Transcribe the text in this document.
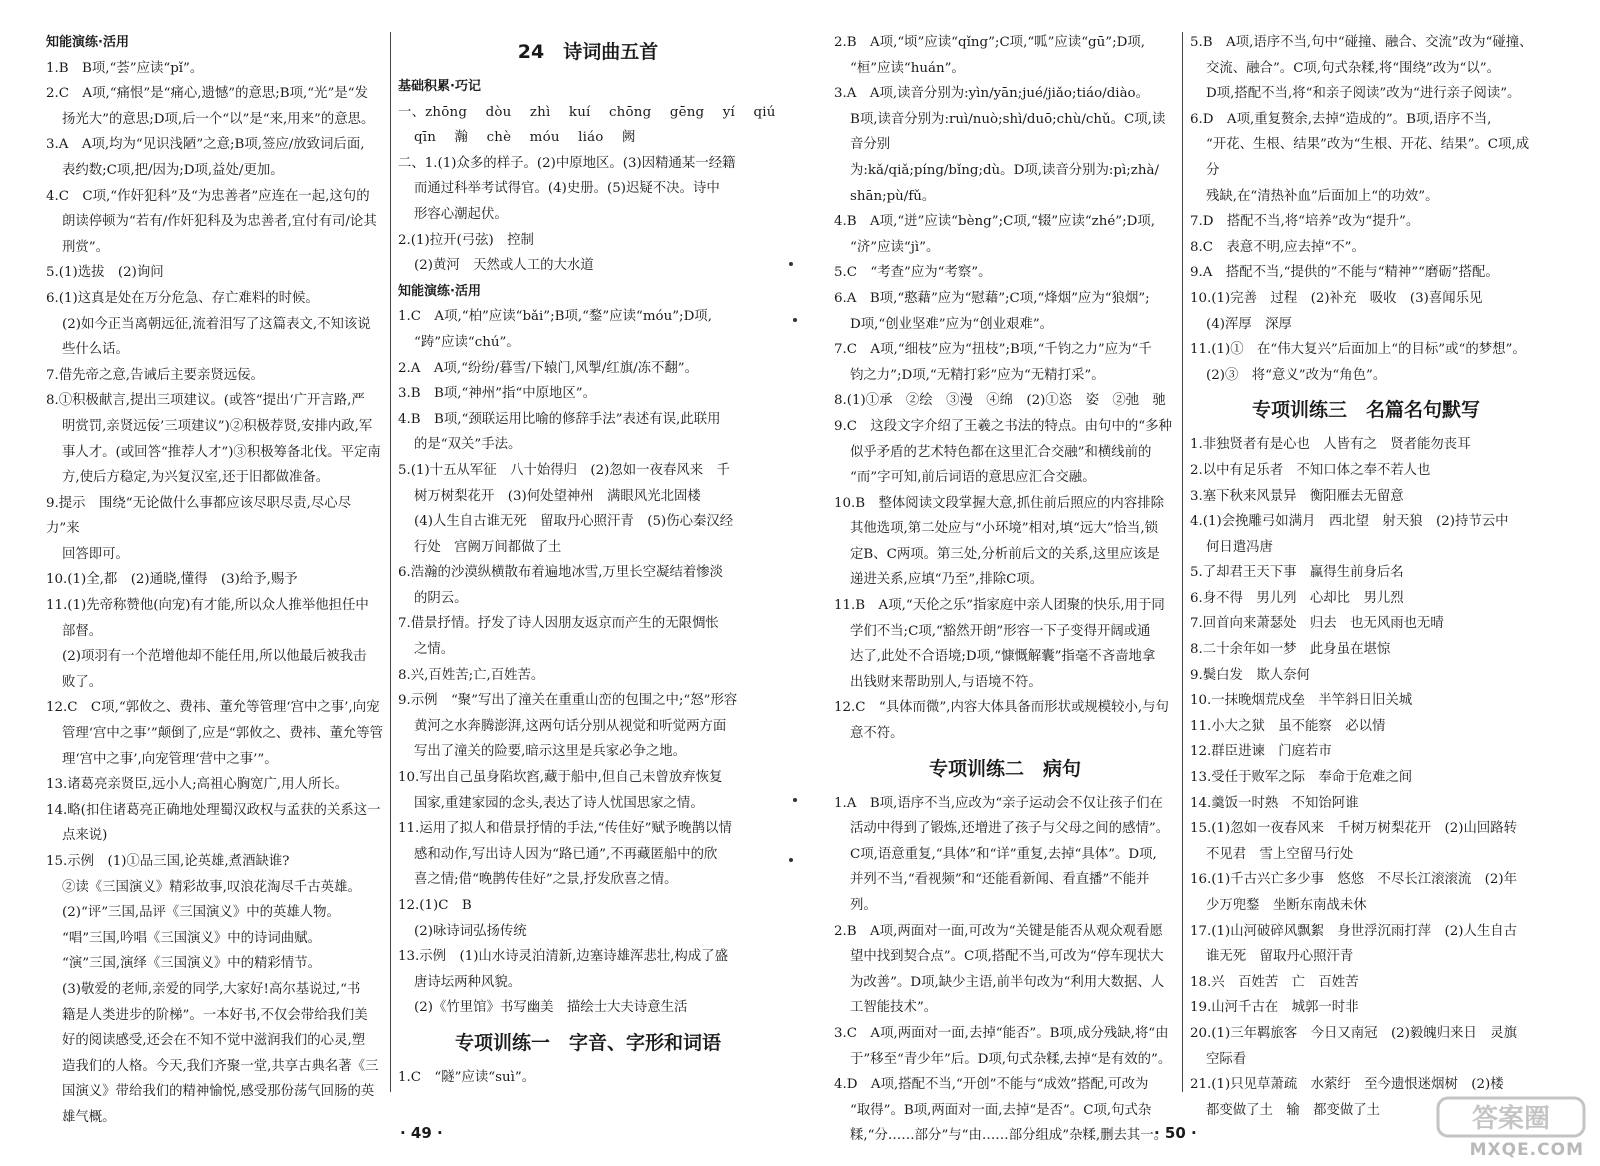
知能演练·活用

1.B　B项,“荟”应读“pǐ”。

2.C　A项,“痛恨”是“痛心,遗憾”的意思;B项,“光”是“发

扬光大”的意思;D项,后一个“以”是“来,用来”的意思。

3.A　A项,均为“见识浅陋”之意;B项,签应/放致词后面,

表约数;C项,把/因为;D项,益处/更加。

4.C　C项,“作奸犯科”及“为忠善者”应连在一起,这句的

朗读停顿为“若有/作奸犯科及为忠善者,宜付有司/论其

刑赏”。

5.(1)选拔　(2)询问

6.(1)这真是处在万分危急、存亡难料的时候。

(2)如今正当离朝远征,流着泪写了这篇表文,不知该说

些什么话。

7.借先帝之意,告诫后主要亲贤远佞。

8.①积极献言,提出三项建议。(或答“提出‘广开言路,严

明赏罚,亲贤远佞’三项建议”)②积极荐贤,安排内政,军

事人才。(或回答“推荐人才”)③积极筹备北伐。平定南

方,使后方稳定,为兴复汉室,还于旧都做准备。

9.提示　围绕“无论做什么事都应该尽职尽责,尽心尽力”来

回答即可。

10.(1)全,都　(2)通晓,懂得　(3)给予,赐予

11.(1)先帝称赞他(向宠)有才能,所以众人推举他担任中

部督。

(2)项羽有一个范增他却不能任用,所以他最后被我击

败了。

12.C　C项,“郭攸之、费祎、董允等管理‘宫中之事’,向宠

管理‘宫中之事’”颠倒了,应是“郭攸之、费祎、董允等管

理‘宫中之事’,向宠管理‘营中之事’”。

13.诸葛亮亲贤臣,远小人;高祖心胸宽广,用人所长。

14.略(扣住诸葛亮正确地处理蜀汉政权与孟获的关系这一

点来说)

15.示例　(1)①品三国,论英雄,煮酒缺谁?

②读《三国演义》精彩故事,叹浪花淘尽千古英雄。

(2)“评”三国,品评《三国演义》中的英雄人物。

“唱”三国,吟唱《三国演义》中的诗词曲赋。

“演”三国,演绎《三国演义》中的精彩情节。

(3)敬爱的老师,亲爱的同学,大家好!高尔基说过,“书

籍是人类进步的阶梯”。一本好书,不仅会带给我们美

好的阅读感受,还会在不知不觉中滋润我们的心灵,塑

造我们的人格。今天,我们齐聚一堂,共享古典名著《三

国演义》带给我们的精神愉悦,感受那份荡气回肠的英

雄气概。

24　诗词曲五首

基础积累·巧记

一、zhōng dòu zhì kuí chōng gēng yí qiú

qīn 瀚 chè móu liáo 阙

二、1.(1)众多的样子。(2)中原地区。(3)因精通某一经籍

而通过科举考试得官。(4)史册。(5)迟疑不决。诗中

形容心潮起伏。

2.(1)拉开(弓弦)　控制

(2)黄河　天然或人工的大水道

知能演练·活用

1.C　A项,“柏”应读“bǎi”;B项,“鍪”应读“móu”;D项,

“踌”应读“chú”。

2.A　A项,“纷纷/暮雪/下辕门,风掣/红旗/冻不翻”。

3.B　B项,“神州”指“中原地区”。

4.B　B项,“颈联运用比喻的修辞手法”表述有误,此联用

的是“双关”手法。

5.(1)十五从军征　八十始得归　(2)忽如一夜春风来　千

树万树梨花开　(3)何处望神州　满眼风光北固楼

(4)人生自古谁无死　留取丹心照汗青　(5)伤心秦汉经

行处　宫阙万间都做了土

6.浩瀚的沙漠纵横散布着遍地冰雪,万里长空凝结着惨淡

的阴云。

7.借景抒情。抒发了诗人因朋友返京而产生的无限惆怅

之情。

8.兴,百姓苦;亡,百姓苦。

9.示例　“聚”写出了潼关在重重山峦的包围之中;“怒”形容

黄河之水奔腾澎湃,这两句话分别从视觉和听觉两方面

写出了潼关的险要,暗示这里是兵家必争之地。

10.写出自己虽身陷坎窞,藏于船中,但自己未曾放弃恢复

国家,重建家园的念头,表达了诗人忧国思家之情。

11.运用了拟人和借景抒情的手法,“传佳好”赋予晚鹊以情

感和动作,写出诗人因为“路已通”,不再藏匿船中的欣

喜之情;借“晚鹊传佳好”之景,抒发欣喜之情。

12.(1)C　B

(2)咏诗词弘扬传统

13.示例　(1)山水诗灵泊清新,边塞诗雄浑悲壮,构成了盛

唐诗坛两种风貌。

(2)《竹里馆》书写幽美　描绘士大夫诗意生活

专项训练一　字音、字形和词语

1.C　“隧”应读“suì”。

2.B　A项,“顷”应读“qǐng”;C项,“呱”应读“gū”;D项,

“桓”应读“huán”。

3.A　A项,读音分别为:yìn/yān;jué/jiǎo;tiáo/diào。

B项,读音分别为:ruì/nuò;shì/duō;chù/chǔ。C项,读音分别

为:kǎ/qiǎ;píng/bǐng;dù。D项,读音分别为:pì;zhà/

shān;pù/fǔ。

4.B　A项,“迸”应读“bèng”;C项,“辍”应读“zhé”;D项,

“济”应读“jì”。

5.C　“考查”应为“考察”。

6.A　B项,“憨藉”应为“慰藉”;C项,“烽烟”应为“狼烟”;

D项,“创业坚难”应为“创业艰难”。

7.C　A项,“细枝”应为“扭枝”;B项,“千钧之力”应为“千

钧之力”;D项,“无精打彩”应为“无精打采”。

8.(1)①承　②绘　③漫　④绵　(2)①恣　姿　②弛　驰

9.C　这段文字介绍了王羲之书法的特点。由句中的“多种

似乎矛盾的艺术特色都在这里汇合交融”和横线前的

“而”字可知,前后词语的意思应汇合交融。

10.B　整体阅读文段掌握大意,抓住前后照应的内容排除

其他选项,第二处应与“小环境”相对,填“远大”恰当,锁

定B、C两项。第三处,分析前后文的关系,这里应该是

递进关系,应填“乃至”,排除C项。

11.B　A项,“天伦之乐”指家庭中亲人团聚的快乐,用于同

学们不当;C项,“豁然开朗”形容一下子变得开阔或通

达了,此处不合语境;D项,“慷慨解囊”指毫不吝啬地拿

出钱财来帮助别人,与语境不符。

12.C　“具体而微”,内容大体具备而形状或规模较小,与句

意不符。

专项训练二　病句

1.A　B项,语序不当,应改为“亲子运动会不仅让孩子们在

活动中得到了锻炼,还增进了孩子与父母之间的感情”。

C项,语意重复,“具体”和“详”重复,去掉“具体”。D项,

并列不当,“看视频”和“还能看新闻、看直播”不能并列。

2.B　A项,两面对一面,可改为“关键是能否从观众观看愿

望中找到契合点”。C项,搭配不当,可改为“停车现状大

为改善”。D项,缺少主语,前半句改为“利用大数据、人

工智能技术”。

3.C　A项,两面对一面,去掉“能否”。B项,成分残缺,将“由

于”移至“青少年”后。D项,句式杂糅,去掉“是有效的”。

4.D　A项,搭配不当,“开创”不能与“成效”搭配,可改为

“取得”。B项,两面对一面,去掉“是否”。C项,句式杂

糅,“分……部分”与“由……部分组成”杂糅,删去其一。

5.B　A项,语序不当,句中“碰撞、融合、交流”改为“碰撞、

交流、融合”。C项,句式杂糅,将“围绕”改为“以”。

D项,搭配不当,将“和亲子阅读”改为“进行亲子阅读”。

6.D　A项,重复赘余,去掉“造成的”。B项,语序不当,

“开花、生根、结果”改为“生根、开花、结果”。C项,成分

残缺,在“清热补血”后面加上“的功效”。

7.D　搭配不当,将“培养”改为“提升”。

8.C　表意不明,应去掉“不”。

9.A　搭配不当,“提供的”不能与“精神”“磨砺”搭配。

10.(1)完善　过程　(2)补充　吸收　(3)喜闻乐见

(4)浑厚　深厚

11.(1)①　在“伟大复兴”后面加上“的目标”或“的梦想”。

(2)③　将“意义”改为“角色”。

专项训练三　名篇名句默写

1.非独贤者有是心也　人皆有之　贤者能勿丧耳

2.以中有足乐者　不知口体之奉不若人也

3.塞下秋来风景异　衡阳雁去无留意

4.(1)会挽雕弓如满月　西北望　射天狼　(2)持节云中

何日遣冯唐

5.了却君王天下事　赢得生前身后名

6.身不得　男儿列　心却比　男儿烈

7.回首向来萧瑟处　归去　也无风雨也无晴

8.二十余年如一梦　此身虽在堪惊

9.鬓白发　欺人奈何

10.一抹晚烟荒戍垒　半竿斜日旧关城

11.小大之狱　虽不能察　必以情

12.群臣进谏　门庭若市

13.受任于败军之际　奉命于危难之间

14.羹饭一时熟　不知饴阿谁

15.(1)忽如一夜春风来　千树万树梨花开　(2)山回路转

不见君　雪上空留马行处

16.(1)千古兴亡多少事　悠悠　不尽长江滚滚流　(2)年

少万兜鍪　坐断东南战未休

17.(1)山河破碎风飘絮　身世浮沉雨打萍　(2)人生自古

谁无死　留取丹心照汗青

18.兴　百姓苦　亡　百姓苦

19.山河千古在　城郭一时非

20.(1)三年羁旅客　今日又南冠　(2)毅魄归来日　灵旗

空际看

21.(1)只见草萧疏　水萦纡　至今遗恨迷烟树　(2)楼

都变做了土　输　都变做了土

· 49 ·	· 50 ·	答案圈
MXQE.COM
